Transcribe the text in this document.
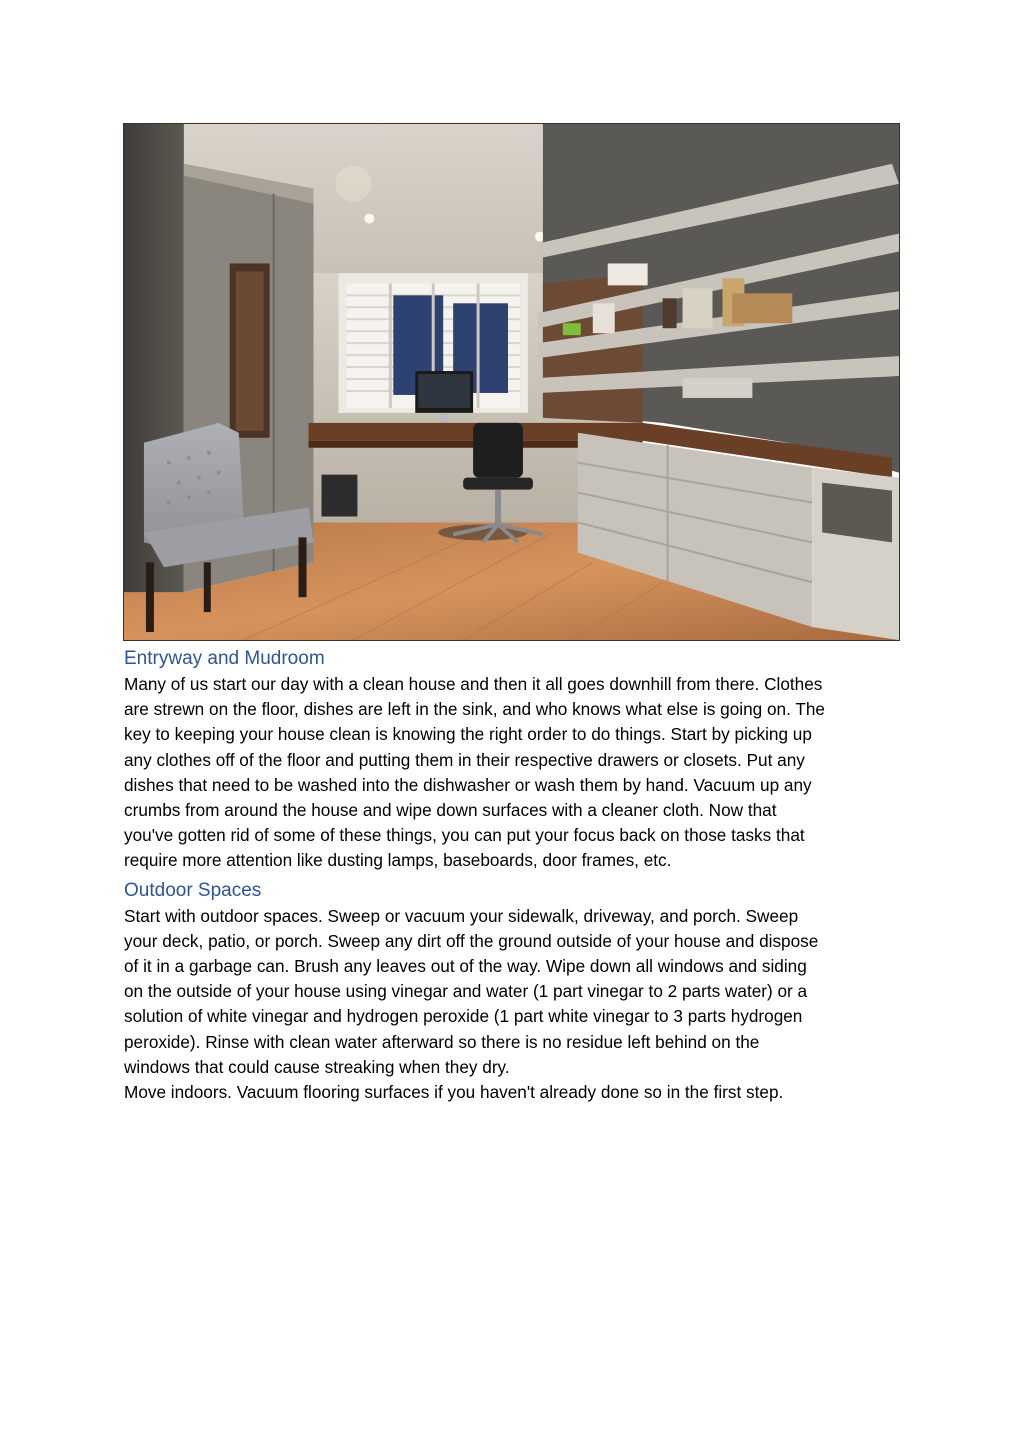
Entryway and Mudroom

Many of us start our day with a clean house and then it all goes downhill from there. Clothes
are strewn on the floor, dishes are left in the sink, and who knows what else is going on. The
key to keeping your house clean is knowing the right order to do things. Start by picking up
any clothes off of the floor and putting them in their respective drawers or closets. Put any
dishes that need to be washed into the dishwasher or wash them by hand. Vacuum up any
crumbs from around the house and wipe down surfaces with a cleaner cloth. Now that
you've gotten rid of some of these things, you can put your focus back on those tasks that
require more attention like dusting lamps, baseboards, door frames, etc.

Outdoor Spaces

Start with outdoor spaces. Sweep or vacuum your sidewalk, driveway, and porch. Sweep
your deck, patio, or porch. Sweep any dirt off the ground outside of your house and dispose
of it in a garbage can. Brush any leaves out of the way. Wipe down all windows and siding
on the outside of your house using vinegar and water (1 part vinegar to 2 parts water) or a
solution of white vinegar and hydrogen peroxide (1 part white vinegar to 3 parts hydrogen
peroxide). Rinse with clean water afterward so there is no residue left behind on the
windows that could cause streaking when they dry.
Move indoors. Vacuum flooring surfaces if you haven't already done so in the first step.
